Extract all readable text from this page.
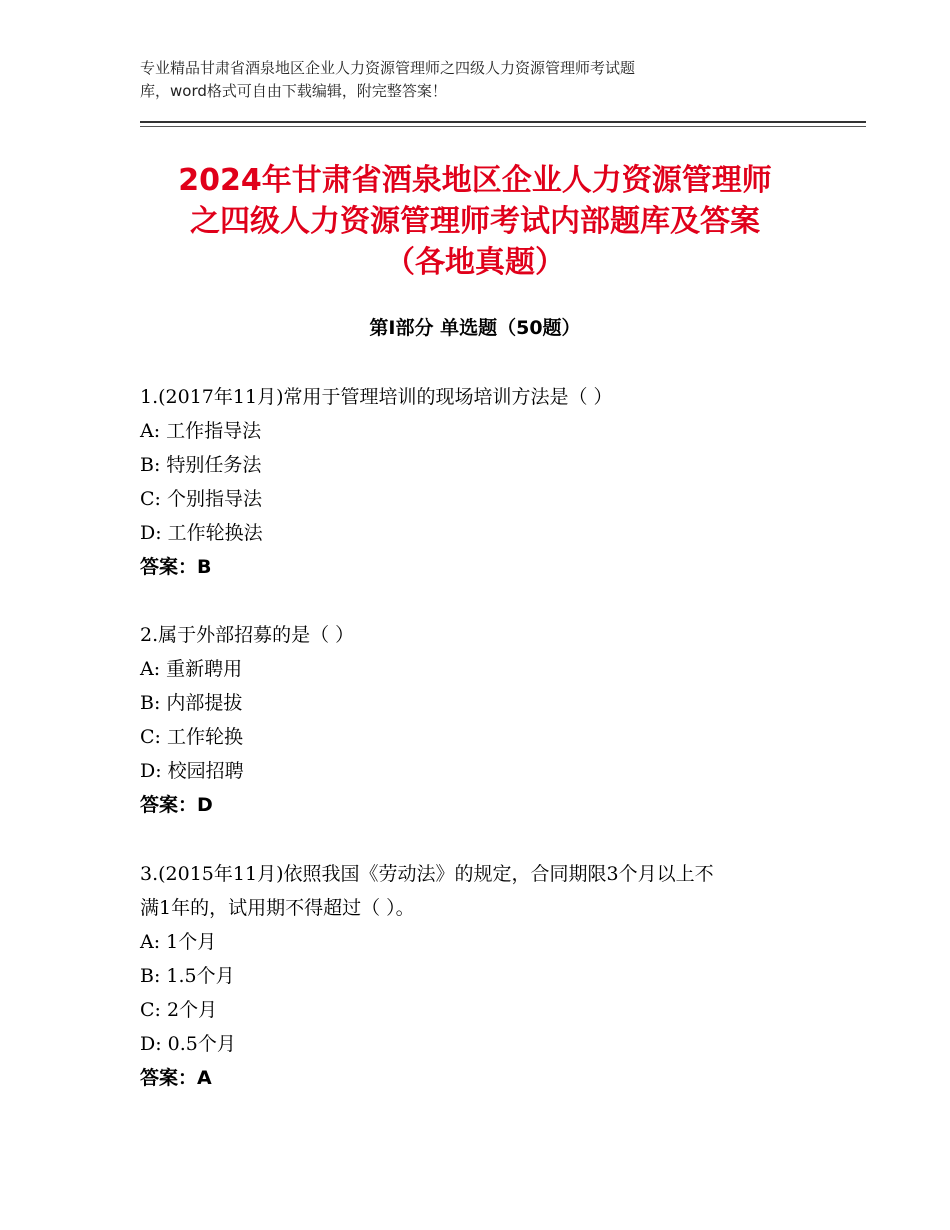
专业精品甘肃省酒泉地区企业人力资源管理师之四级人力资源管理师考试题
库，word格式可自由下载编辑，附完整答案！
2024年甘肃省酒泉地区企业人力资源管理师
之四级人力资源管理师考试内部题库及答案
（各地真题）
第Ⅰ部分 单选题（50题）

1.(2017年11月)常用于管理培训的现场培训方法是（ ）

A: 工作指导法

B: 特别任务法

C: 个别指导法

D: 工作轮换法

答案：B

2.属于外部招募的是（ ）

A: 重新聘用

B: 内部提拔

C: 工作轮换

D: 校园招聘

答案：D

3.(2015年11月)依照我国《劳动法》的规定，合同期限3个月以上不

满1年的，试用期不得超过（ ）。

A: 1个月

B: 1.5个月

C: 2个月

D: 0.5个月

答案：A
